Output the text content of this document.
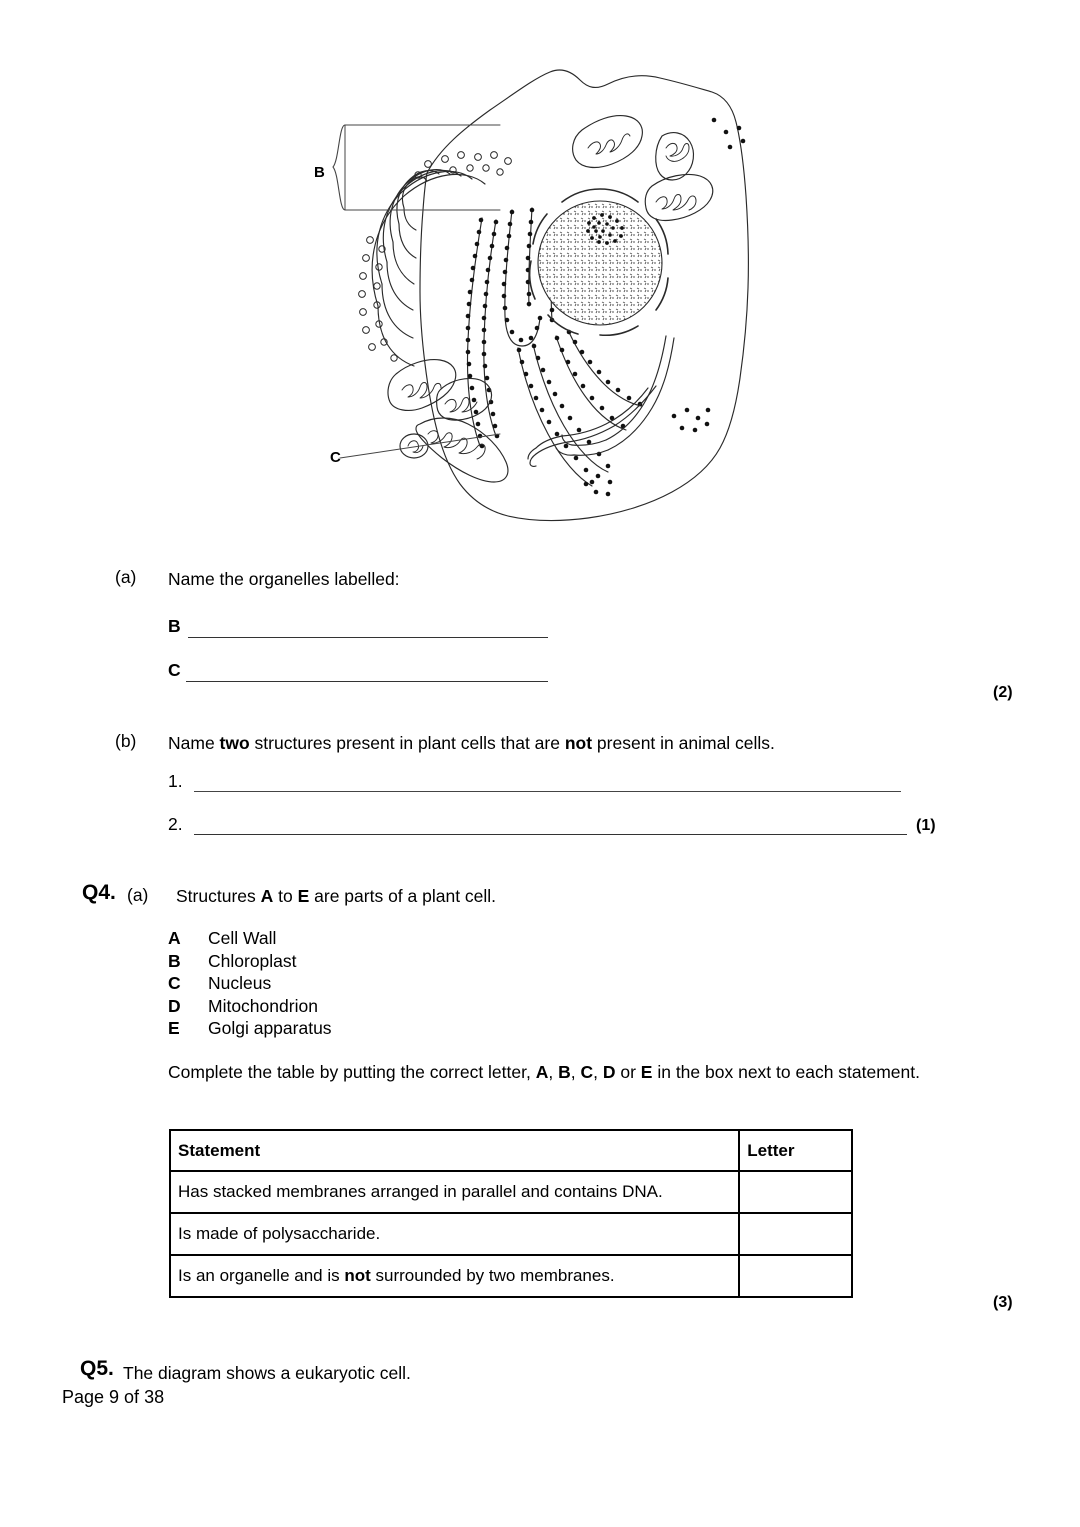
B
C
(a) Name the organelles labelled:
B
C
(2)
(b) Name two structures present in plant cells that are not present in animal cells.
1.
2.	(1)
Q4. (a) Structures A to E are parts of a plant cell.
A	Cell Wall
B	Chloroplast
C	Nucleus
D	Mitochondrion
E	Golgi apparatus
Complete the table by putting the correct letter, A, B, C, D or E in the box next to each statement.
Statement	Letter
Has stacked membranes arranged in parallel and contains DNA.	
Is made of polysaccharide.	
Is an organelle and is not surrounded by two membranes.	
(3)
Q5. The diagram shows a eukaryotic cell.
Page 9 of 38
